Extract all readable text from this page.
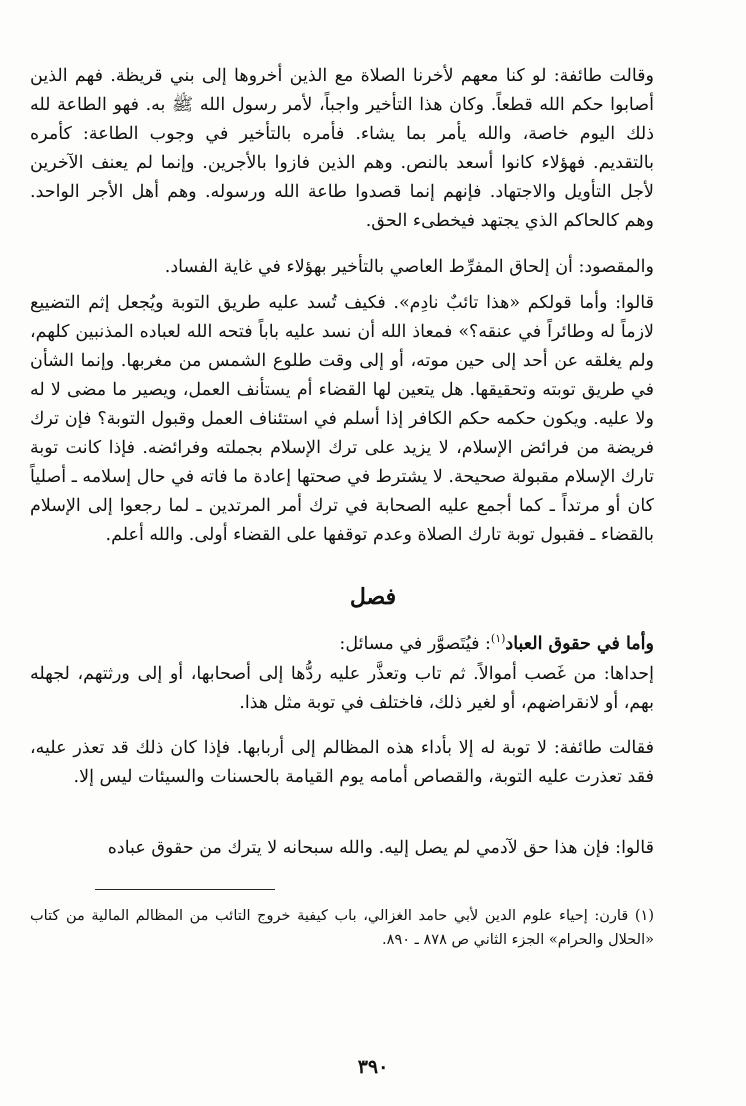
وقالت طائفة: لو كنا معهم لأخرنا الصلاة مع الذين أخروها إلى بني قريظة. فهم الذين أصابوا حكم الله قطعاً. وكان هذا التأخير واجباً، لأمر رسول الله ﷺ به. فهو الطاعة لله ذلك اليوم خاصة، والله يأمر بما يشاء. فأمره بالتأخير في وجوب الطاعة: كأمره بالتقديم. فهؤلاء كانوا أسعد بالنص. وهم الذين فازوا بالأجرين. وإنما لم يعنف الآخرين لأجل التأويل والاجتهاد. فإنهم إنما قصدوا طاعة الله ورسوله. وهم أهل الأجر الواحد. وهم كالحاكم الذي يجتهد فيخطىء الحق.

والمقصود: أن إلحاق المفرِّط العاصي بالتأخير بهؤلاء في غاية الفساد.

قالوا: وأما قولكم «هذا تائبٌ نادِم». فكيف تُسد عليه طريق التوبة ويُجعل إثم التضييع لازماً له وطائراً في عنقه؟» فمعاذ الله أن نسد عليه باباً فتحه الله لعباده المذنبين كلهم، ولم يغلقه عن أحد إلى حين موته، أو إلى وقت طلوع الشمس من مغربها. وإنما الشأن في طريق توبته وتحقيقها. هل يتعين لها القضاء أم يستأنف العمل، ويصير ما مضى لا له ولا عليه. ويكون حكمه حكم الكافر إذا أسلم في استئناف العمل وقبول التوبة؟ فإن ترك فريضة من فرائض الإسلام، لا يزيد على ترك الإسلام بجملته وفرائضه. فإذا كانت توبة تارك الإسلام مقبولة صحيحة. لا يشترط في صحتها إعادة ما فاته في حال إسلامه ـ أصلياً كان أو مرتداً ـ كما أجمع عليه الصحابة في ترك أمر المرتدين ـ لما رجعوا إلى الإسلام بالقضاء ـ فقبول توبة تارك الصلاة وعدم توقفها على القضاء أولى. والله أعلم.

فصل

وأما في حقوق العباد$^{(١)}$: فيُتَصوَّر في مسائل:

إحداها: من غَصب أموالاً. ثم تاب وتعذَّر عليه ردُّها إلى أصحابها، أو إلى ورثتهم، لجهله بهم، أو لانقراضهم، أو لغير ذلك، فاختلف في توبة مثل هذا.

فقالت طائفة: لا توبة له إلا بأداء هذه المظالم إلى أربابها. فإذا كان ذلك قد تعذر عليه، فقد تعذرت عليه التوبة، والقصاص أمامه يوم القيامة بالحسنات والسيئات ليس إلا.

قالوا: فإن هذا حق لآدمي لم يصل إليه. والله سبحانه لا يترك من حقوق عباده

(١) قارن: إحياء علوم الدين لأبي حامد الغزالي، باب كيفية خروج التائب من المظالم المالية من كتاب «الحلال والحرام» الجزء الثاني ص ٨٧٨ ـ ٨٩٠.

٣٩٠
